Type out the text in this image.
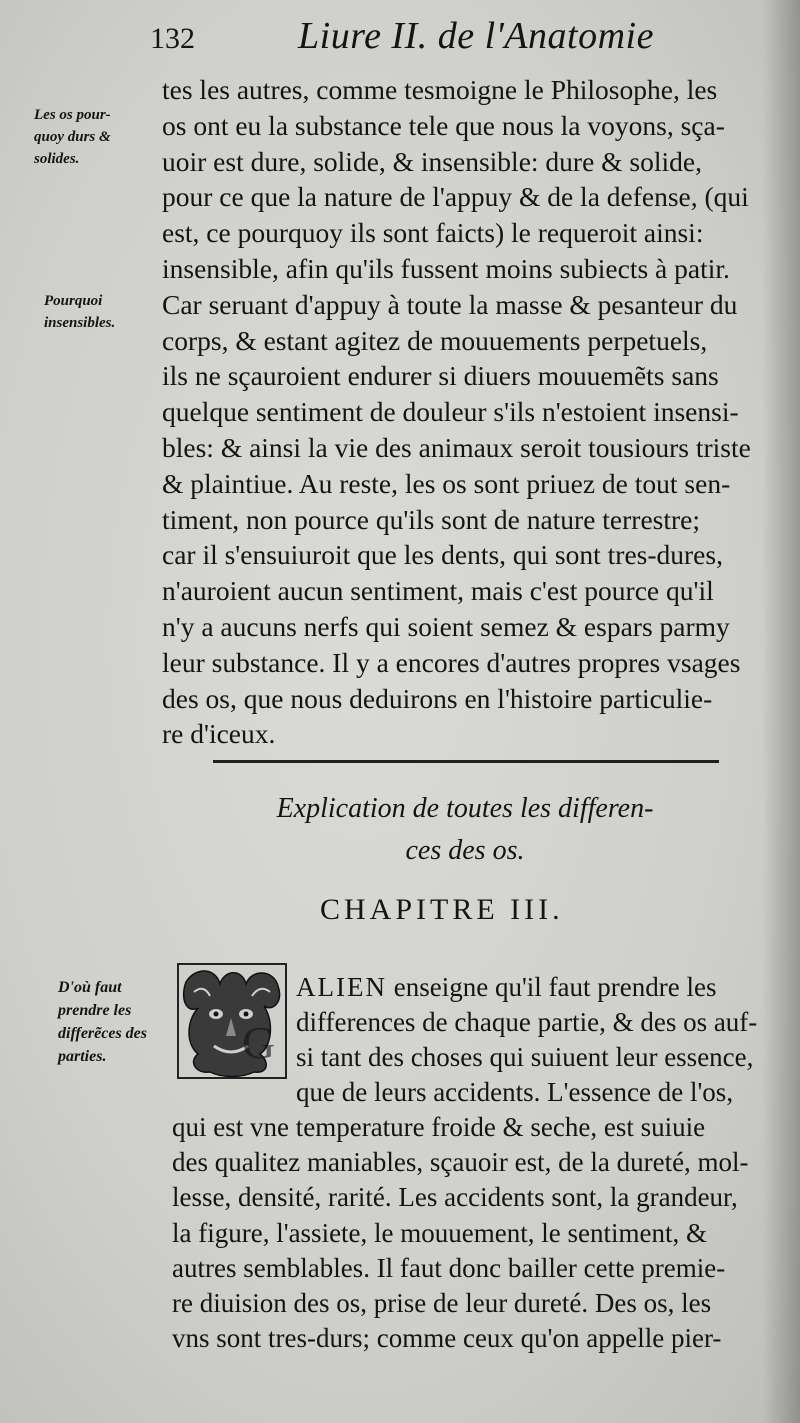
132	Liure II. de l'Anatomie
Les os pour-
quoy durs &
solides.
Pourquoi
insensibles.
D'où faut
prendre les
differẽces des
parties.
tes les autres, comme tesmoigne le Philosophe, les
os ont eu la substance tele que nous la voyons, sça-
uoir est dure, solide, & insensible: dure & solide,
pour ce que la nature de l'appuy & de la defense, (qui
est, ce pourquoy ils sont faicts) le requeroit ainsi:
insensible, afin qu'ils fussent moins subiects à patir.
Car seruant d'appuy à toute la masse & pesanteur du
corps, & estant agitez de mouuements perpetuels,
ils ne sçauroient endurer si diuers mouuemẽts sans
quelque sentiment de douleur s'ils n'estoient insensi-
bles: & ainsi la vie des animaux seroit tousiours triste
& plaintiue. Au reste, les os sont priuez de tout sen-
timent, non pource qu'ils sont de nature terrestre;
car il s'ensuiuroit que les dents, qui sont tres-dures,
n'auroient aucun sentiment, mais c'est pource qu'il
n'y a aucuns nerfs qui soient semez & espars parmy
leur substance. Il y a encores d'autres propres vsages
des os, que nous deduirons en l'histoire particulie-
re d'iceux.
Explication de toutes les differen-
ces des os.
CHAPITRE III.
G
ALIEN enseigne qu'il faut prendre les
differences de chaque partie, & des os auf-
si tant des choses qui suiuent leur essence,
que de leurs accidents. L'essence de l'os,
qui est vne temperature froide & seche, est suiuie
des qualitez maniables, sçauoir est, de la dureté, mol-
lesse, densité, rarité. Les accidents sont, la grandeur,
la figure, l'assiete, le mouuement, le sentiment, &
autres semblables. Il faut donc bailler cette premie-
re diuision des os, prise de leur dureté. Des os, les
vns sont tres-durs; comme ceux qu'on appelle pier-
